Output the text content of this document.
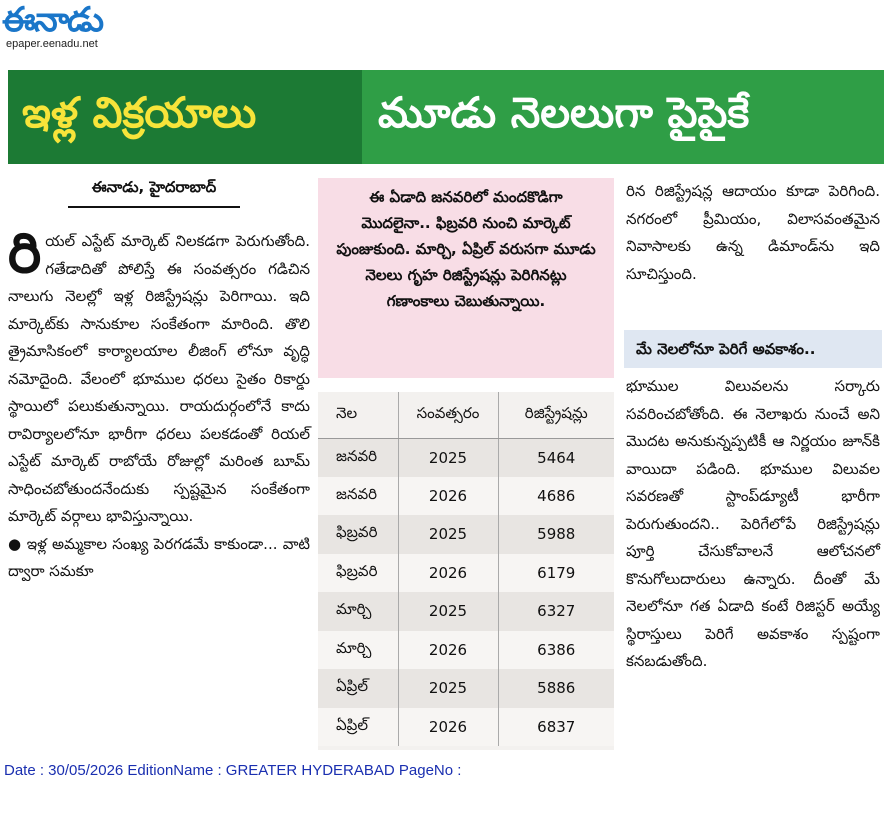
ఈనాడు
epaper.eenadu.net
ఇళ్ల విక్రయాలు	మూడు నెలలుగా పైపైకే
ఈనాడు, హైదరాబాద్
రి యల్ ఎస్టేట్ మార్కెట్ నిలకడగా పెరుగుతోంది. గతేడాదితో పోలిస్తే ఈ సంవత్సరం గడిచిన నాలుగు నెలల్లో ఇళ్ల రిజిస్ట్రేషన్లు పెరిగాయి. ఇది మార్కెట్‌కు సానుకూల సంకేతంగా మారింది. తొలి త్రైమాసికంలో కార్యాలయాల లీజింగ్ లోనూ వృద్ధి నమోదైంది. వేలంలో భూముల ధరలు సైతం రికార్డు స్థాయిలో పలుకుతున్నాయి. రాయదుర్గంలోనే కాదు రావిర్యాలలోనూ భారీగా ధరలు పలకడంతో రియల్ ఎస్టేట్ మార్కెట్ రాబోయే రోజుల్లో మరింత బూమ్ సాధించబోతుందనేందుకు స్పష్టమైన సంకేతంగా మార్కెట్ వర్గాలు భావిస్తున్నాయి.

● ఇళ్ల అమ్మకాల సంఖ్య పెరగడమే కాకుండా... వాటి ద్వారా సమకూ

ఈ ఏడాది జనవరిలో మందకొడిగా మొదలైనా.. ఫిబ్రవరి నుంచి మార్కెట్ పుంజుకుంది. మార్చి, ఏప్రిల్ వరుసగా మూడు నెలలు గృహ రిజిస్ట్రేషన్లు పెరిగినట్లు గణాంకాలు చెబుతున్నాయి.

నెల	సంవత్సరం	రిజిస్ట్రేషన్లు
జనవరి	2025	5464
జనవరి	2026	4686
ఫిబ్రవరి	2025	5988
ఫిబ్రవరి	2026	6179
మార్చి	2025	6327
మార్చి	2026	6386
ఏప్రిల్	2025	5886
ఏప్రిల్	2026	6837

రిన రిజిస్ట్రేషన్ల ఆదాయం కూడా పెరిగింది. నగరంలో ప్రీమియం, విలాసవంతమైన నివాసాలకు ఉన్న డిమాండ్‌ను ఇది సూచిస్తుంది.

మే నెలలోనూ పెరిగే అవకాశం..

భూముల విలువలను సర్కారు సవరించబోతోంది. ఈ నెలాఖరు నుంచే అని మొదట అనుకున్నప్పటికీ ఆ నిర్ణయం జూన్‌కి వాయిదా పడింది. భూముల విలువల సవరణతో స్టాంప్‌డ్యూటీ భారీగా పెరుగుతుందని.. పెరిగేలోపే రిజిస్ట్రేషన్లు పూర్తి చేసుకోవాలనే ఆలోచనలో కొనుగోలుదారులు ఉన్నారు. దీంతో మే నెలలోనూ గత ఏడాది కంటే రిజిస్టర్ అయ్యే స్థిరాస్తులు పెరిగే అవకాశం స్పష్టంగా కనబడుతోంది.

Date : 30/05/2026 EditionName : GREATER HYDERABAD PageNo :
